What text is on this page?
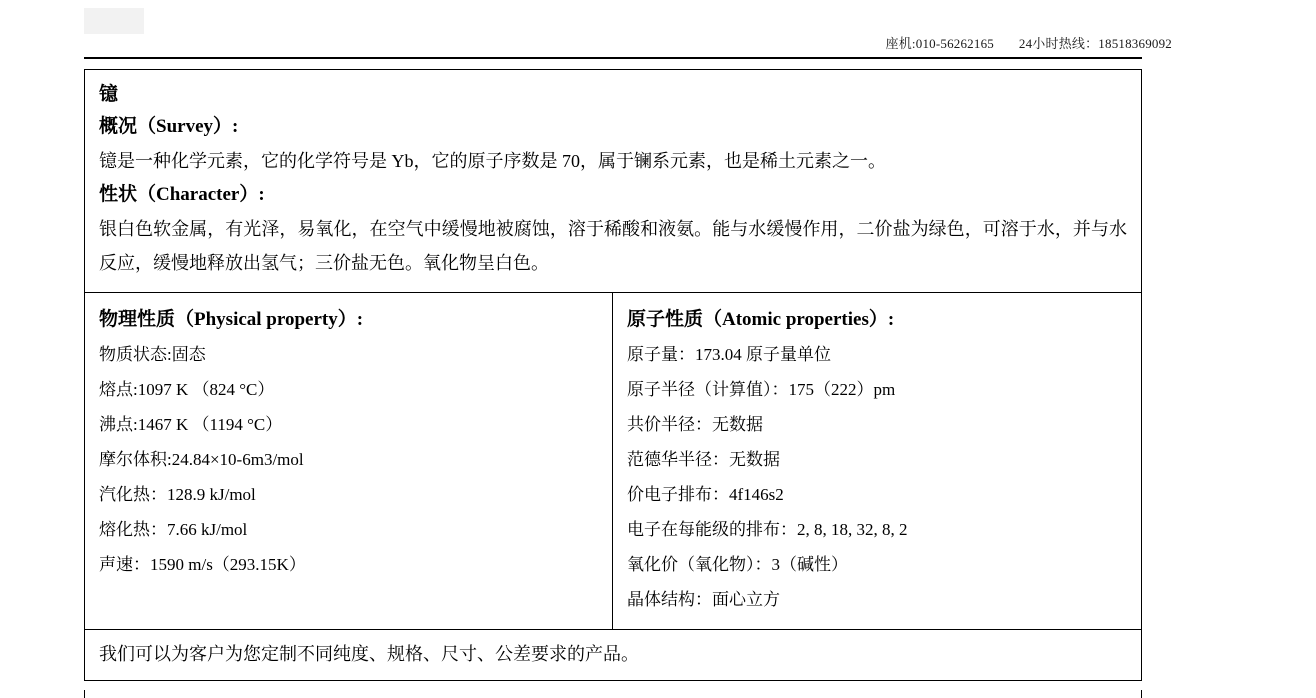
座机:010-56262165 24小时热线：18518369092
镱
概况（Survey）:
镱是一种化学元素，它的化学符号是 Yb，它的原子序数是 70，属于镧系元素，也是稀土元素之一。
性状（Character）:
银白色软金属，有光泽，易氧化，在空气中缓慢地被腐蚀，溶于稀酸和液氨。能与水缓慢作用，二价盐为绿色，可溶于水，并与水反应，缓慢地释放出氢气；三价盐无色。氧化物呈白色。
物理性质（Physical property）:
物质状态:固态
熔点:1097 K （824 °C）
沸点:1467 K （1194 °C）
摩尔体积:24.84×10-6m3/mol
汽化热：128.9 kJ/mol
熔化热：7.66 kJ/mol
声速：1590 m/s（293.15K）
原子性质（Atomic properties）:
原子量：173.04 原子量单位
原子半径（计算值）：175（222）pm
共价半径：无数据
范德华半径：无数据
价电子排布：4f146s2
电子在每能级的排布：2, 8, 18, 32, 8, 2
氧化价（氧化物）：3（碱性）
晶体结构：面心立方
我们可以为客户为您定制不同纯度、规格、尺寸、公差要求的产品。
